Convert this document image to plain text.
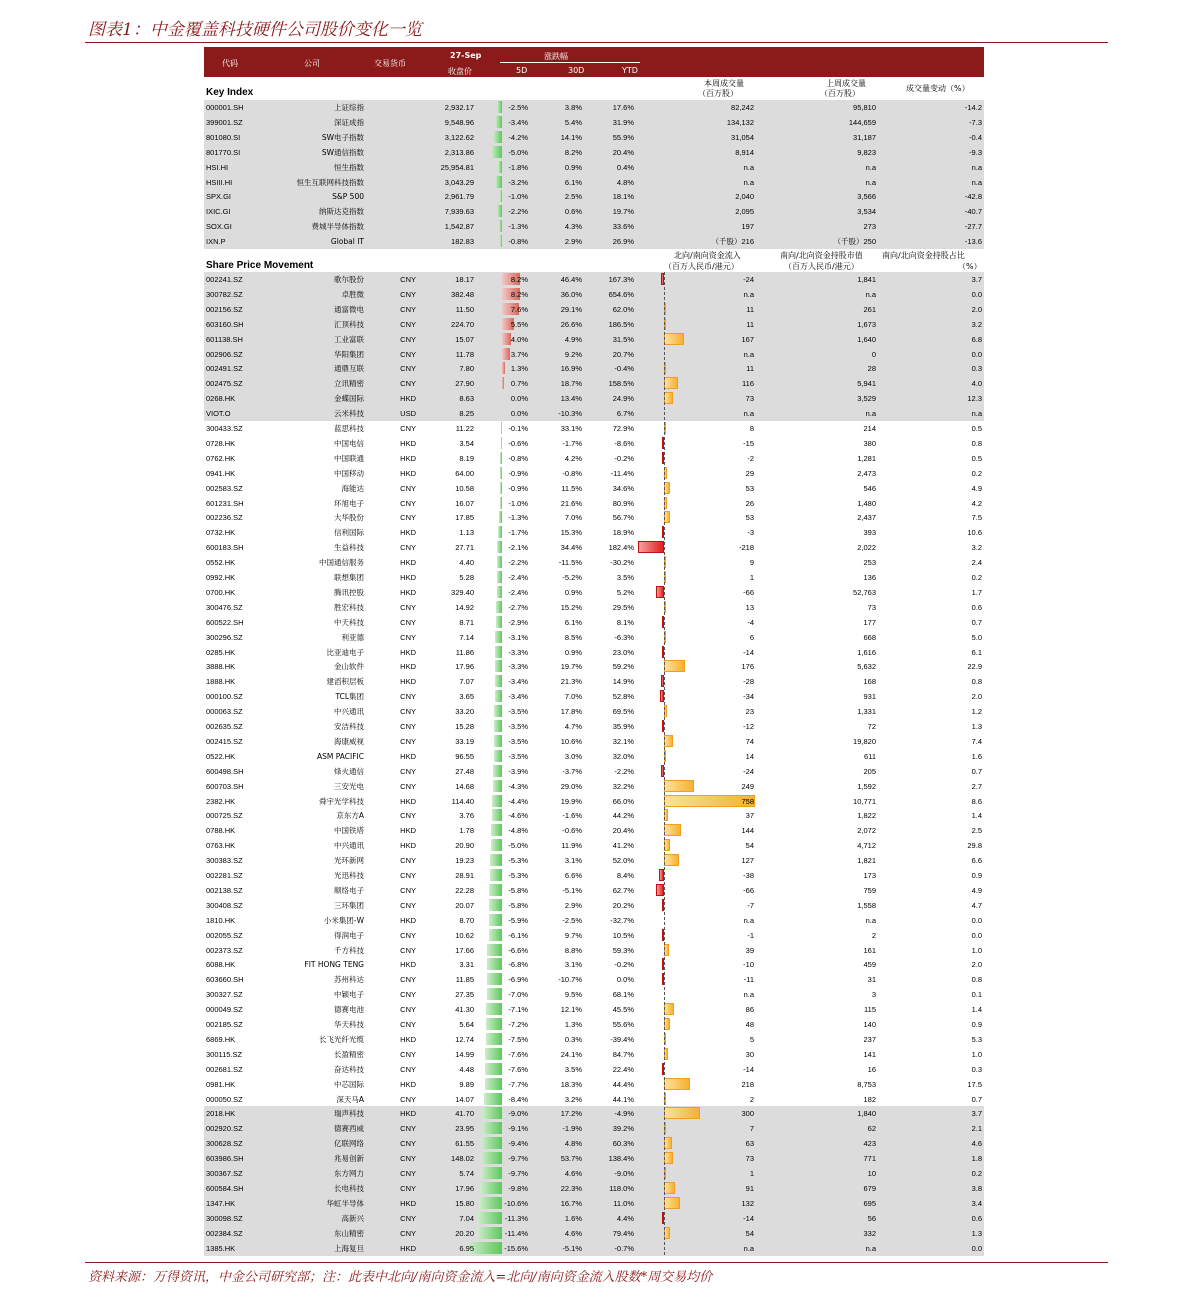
图表1：中金覆盖科技硬件公司股价变化一览
代码	公司	交易货币
27-Sep
收盘价
涨跌幅
5D	30D	YTD
Key Index
本周成交量
（百万股）
上周成交量
（百万股）
成交量变动（%）
000001.SH	上证综指	2,932.17	-2.5%	3.8%	17.6%	82,242	95,810	-14.2
399001.SZ	深证成指	9,548.96	-3.4%	5.4%	31.9%	134,132	144,659	-7.3
801080.SI	SW电子指数	3,122.62	-4.2%	14.1%	55.9%	31,054	31,187	-0.4
801770.SI	SW通信指数	2,313.86	-5.0%	8.2%	20.4%	8,914	9,823	-9.3
HSI.HI	恒生指数	25,954.81	-1.8%	0.9%	0.4%	n.a	n.a	n.a
HSIII.HI	恒生互联网科技指数	3,043.29	-3.2%	6.1%	4.8%	n.a	n.a	n.a
SPX.GI	S&P 500	2,961.79	-1.0%	2.5%	18.1%	2,040	3,566	-42.8
IXIC.GI	纳斯达克指数	7,939.63	-2.2%	0.6%	19.7%	2,095	3,534	-40.7
SOX.GI	费城半导体指数	1,542.87	-1.3%	4.3%	33.6%	197	273	-27.7
IXN.P	Global IT	182.83	-0.8%	2.9%	26.9%	（千股）216	（千股）250	-13.6
Share Price Movement
北向/南向资金流入
（百万人民币/港元）
南向/北向资金持股市值
（百万人民币/港元）
南向/北向资金持股占比
（%）
002241.SZ	歌尔股份	CNY	18.17	8.2%	46.4%	167.3%	-24	1,841	3.7
300782.SZ	卓胜微	CNY	382.48	8.2%	36.0%	654.6%	n.a	n.a	0.0
002156.SZ	通富微电	CNY	11.50	7.6%	29.1%	62.0%	11	261	2.0
603160.SH	汇顶科技	CNY	224.70	5.5%	26.6%	186.5%	11	1,673	3.2
601138.SH	工业富联	CNY	15.07	4.0%	4.9%	31.5%	167	1,640	6.8
002906.SZ	华阳集团	CNY	11.78	3.7%	9.2%	20.7%	n.a	0	0.0
002491.SZ	通鼎互联	CNY	7.80	1.3%	16.9%	-0.4%	11	28	0.3
002475.SZ	立讯精密	CNY	27.90	0.7%	18.7%	158.5%	116	5,941	4.0
0268.HK	金蝶国际	HKD	8.63	0.0%	13.4%	24.9%	73	3,529	12.3
VIOT.O	云米科技	USD	8.25	0.0%	-10.3%	6.7%	n.a	n.a	n.a
300433.SZ	蓝思科技	CNY	11.22	-0.1%	33.1%	72.9%	8	214	0.5
0728.HK	中国电信	HKD	3.54	-0.6%	-1.7%	-8.6%	-15	380	0.8
0762.HK	中国联通	HKD	8.19	-0.8%	4.2%	-0.2%	-2	1,281	0.5
0941.HK	中国移动	HKD	64.00	-0.9%	-0.8%	-11.4%	29	2,473	0.2
002583.SZ	海能达	CNY	10.58	-0.9%	11.5%	34.6%	53	546	4.9
601231.SH	环旭电子	CNY	16.07	-1.0%	21.6%	80.9%	26	1,480	4.2
002236.SZ	大华股份	CNY	17.85	-1.3%	7.0%	56.7%	53	2,437	7.5
0732.HK	信利国际	HKD	1.13	-1.7%	15.3%	18.9%	-3	393	10.6
600183.SH	生益科技	CNY	27.71	-2.1%	34.4%	182.4%	-218	2,022	3.2
0552.HK	中国通信服务	HKD	4.40	-2.2%	-11.5%	-30.2%	9	253	2.4
0992.HK	联想集团	HKD	5.28	-2.4%	-5.2%	3.5%	1	136	0.2
0700.HK	腾讯控股	HKD	329.40	-2.4%	0.9%	5.2%	-66	52,763	1.7
300476.SZ	胜宏科技	CNY	14.92	-2.7%	15.2%	29.5%	13	73	0.6
600522.SH	中天科技	CNY	8.71	-2.9%	6.1%	8.1%	-4	177	0.7
300296.SZ	利亚德	CNY	7.14	-3.1%	8.5%	-6.3%	6	668	5.0
0285.HK	比亚迪电子	HKD	11.86	-3.3%	0.9%	23.0%	-14	1,616	6.1
3888.HK	金山软件	HKD	17.96	-3.3%	19.7%	59.2%	176	5,632	22.9
1888.HK	建滔积层板	HKD	7.07	-3.4%	21.3%	14.9%	-28	168	0.8
000100.SZ	TCL集团	CNY	3.65	-3.4%	7.0%	52.8%	-34	931	2.0
000063.SZ	中兴通讯	CNY	33.20	-3.5%	17.8%	69.5%	23	1,331	1.2
002635.SZ	安洁科技	CNY	15.28	-3.5%	4.7%	35.9%	-12	72	1.3
002415.SZ	海康威视	CNY	33.19	-3.5%	10.6%	32.1%	74	19,820	7.4
0522.HK	ASM PACIFIC	HKD	96.55	-3.5%	3.0%	32.0%	14	611	1.6
600498.SH	烽火通信	CNY	27.48	-3.9%	-3.7%	-2.2%	-24	205	0.7
600703.SH	三安光电	CNY	14.68	-4.3%	29.0%	32.2%	249	1,592	2.7
2382.HK	舜宇光学科技	HKD	114.40	-4.4%	19.9%	66.0%	758	10,771	8.6
000725.SZ	京东方A	CNY	3.76	-4.6%	-1.6%	44.2%	37	1,822	1.4
0788.HK	中国铁塔	HKD	1.78	-4.8%	-0.6%	20.4%	144	2,072	2.5
0763.HK	中兴通讯	HKD	20.90	-5.0%	11.9%	41.2%	54	4,712	29.8
300383.SZ	光环新网	CNY	19.23	-5.3%	3.1%	52.0%	127	1,821	6.6
002281.SZ	光迅科技	CNY	28.91	-5.3%	6.6%	8.4%	-38	173	0.9
002138.SZ	顺络电子	CNY	22.28	-5.8%	-5.1%	62.7%	-66	759	4.9
300408.SZ	三环集团	CNY	20.07	-5.8%	2.9%	20.2%	-7	1,558	4.7
1810.HK	小米集团-W	HKD	8.70	-5.9%	-2.5%	-32.7%	n.a	n.a	0.0
002055.SZ	得润电子	CNY	10.62	-6.1%	9.7%	10.5%	-1	2	0.0
002373.SZ	千方科技	CNY	17.66	-6.6%	8.8%	59.3%	39	161	1.0
6088.HK	FIT HONG TENG	HKD	3.31	-6.8%	3.1%	-0.2%	-10	459	2.0
603660.SH	苏州科达	CNY	11.85	-6.9%	-10.7%	0.0%	-11	31	0.8
300327.SZ	中颖电子	CNY	27.35	-7.0%	9.5%	68.1%	n.a	3	0.1
000049.SZ	德赛电池	CNY	41.30	-7.1%	12.1%	45.5%	86	115	1.4
002185.SZ	华天科技	CNY	5.64	-7.2%	1.3%	55.6%	48	140	0.9
6869.HK	长飞光纤光缆	HKD	12.74	-7.5%	0.3%	-39.4%	5	237	5.3
300115.SZ	长盈精密	CNY	14.99	-7.6%	24.1%	84.7%	30	141	1.0
002681.SZ	奋达科技	CNY	4.48	-7.6%	3.5%	22.4%	-14	16	0.3
0981.HK	中芯国际	HKD	9.89	-7.7%	18.3%	44.4%	218	8,753	17.5
000050.SZ	深天马A	CNY	14.07	-8.4%	3.2%	44.1%	2	182	0.7
2018.HK	瑞声科技	HKD	41.70	-9.0%	17.2%	-4.9%	300	1,840	3.7
002920.SZ	德赛西威	CNY	23.95	-9.1%	-1.9%	39.2%	7	62	2.1
300628.SZ	亿联网络	CNY	61.55	-9.4%	4.8%	60.3%	63	423	4.6
603986.SH	兆易创新	CNY	148.02	-9.7%	53.7%	138.4%	73	771	1.8
300367.SZ	东方网力	CNY	5.74	-9.7%	4.6%	-9.0%	1	10	0.2
600584.SH	长电科技	CNY	17.96	-9.8%	22.3%	118.0%	91	679	3.8
1347.HK	华虹半导体	HKD	15.80	-10.6%	16.7%	11.0%	132	695	3.4
300098.SZ	高新兴	CNY	7.04	-11.3%	1.6%	4.4%	-14	56	0.6
002384.SZ	东山精密	CNY	20.20	-11.4%	4.6%	79.4%	54	332	1.3
1385.HK	上海复旦	HKD	6.95	-15.6%	-5.1%	-0.7%	n.a	n.a	0.0
资料来源：万得资讯，中金公司研究部；注：此表中北向/南向资金流入=北向/南向资金流入股数*周交易均价
